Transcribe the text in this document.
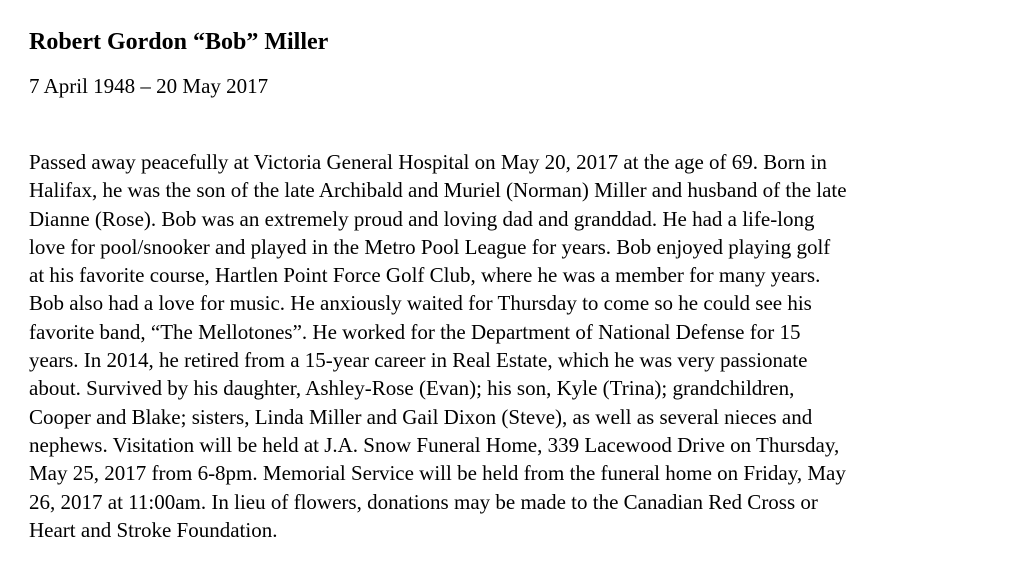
Robert Gordon “Bob” Miller

7 April 1948 – 20 May 2017

Passed away peacefully at Victoria General Hospital on May 20, 2017 at the age of 69. Born in
Halifax, he was the son of the late Archibald and Muriel (Norman) Miller and husband of the late
Dianne (Rose). Bob was an extremely proud and loving dad and granddad. He had a life-long
love for pool/snooker and played in the Metro Pool League for years. Bob enjoyed playing golf
at his favorite course, Hartlen Point Force Golf Club, where he was a member for many years.
Bob also had a love for music. He anxiously waited for Thursday to come so he could see his
favorite band, “The Mellotones”. He worked for the Department of National Defense for 15
years. In 2014, he retired from a 15-year career in Real Estate, which he was very passionate
about. Survived by his daughter, Ashley-Rose (Evan); his son, Kyle (Trina); grandchildren,
Cooper and Blake; sisters, Linda Miller and Gail Dixon (Steve), as well as several nieces and
nephews. Visitation will be held at J.A. Snow Funeral Home, 339 Lacewood Drive on Thursday,
May 25, 2017 from 6-8pm. Memorial Service will be held from the funeral home on Friday, May
26, 2017 at 11:00am. In lieu of flowers, donations may be made to the Canadian Red Cross or
Heart and Stroke Foundation.
